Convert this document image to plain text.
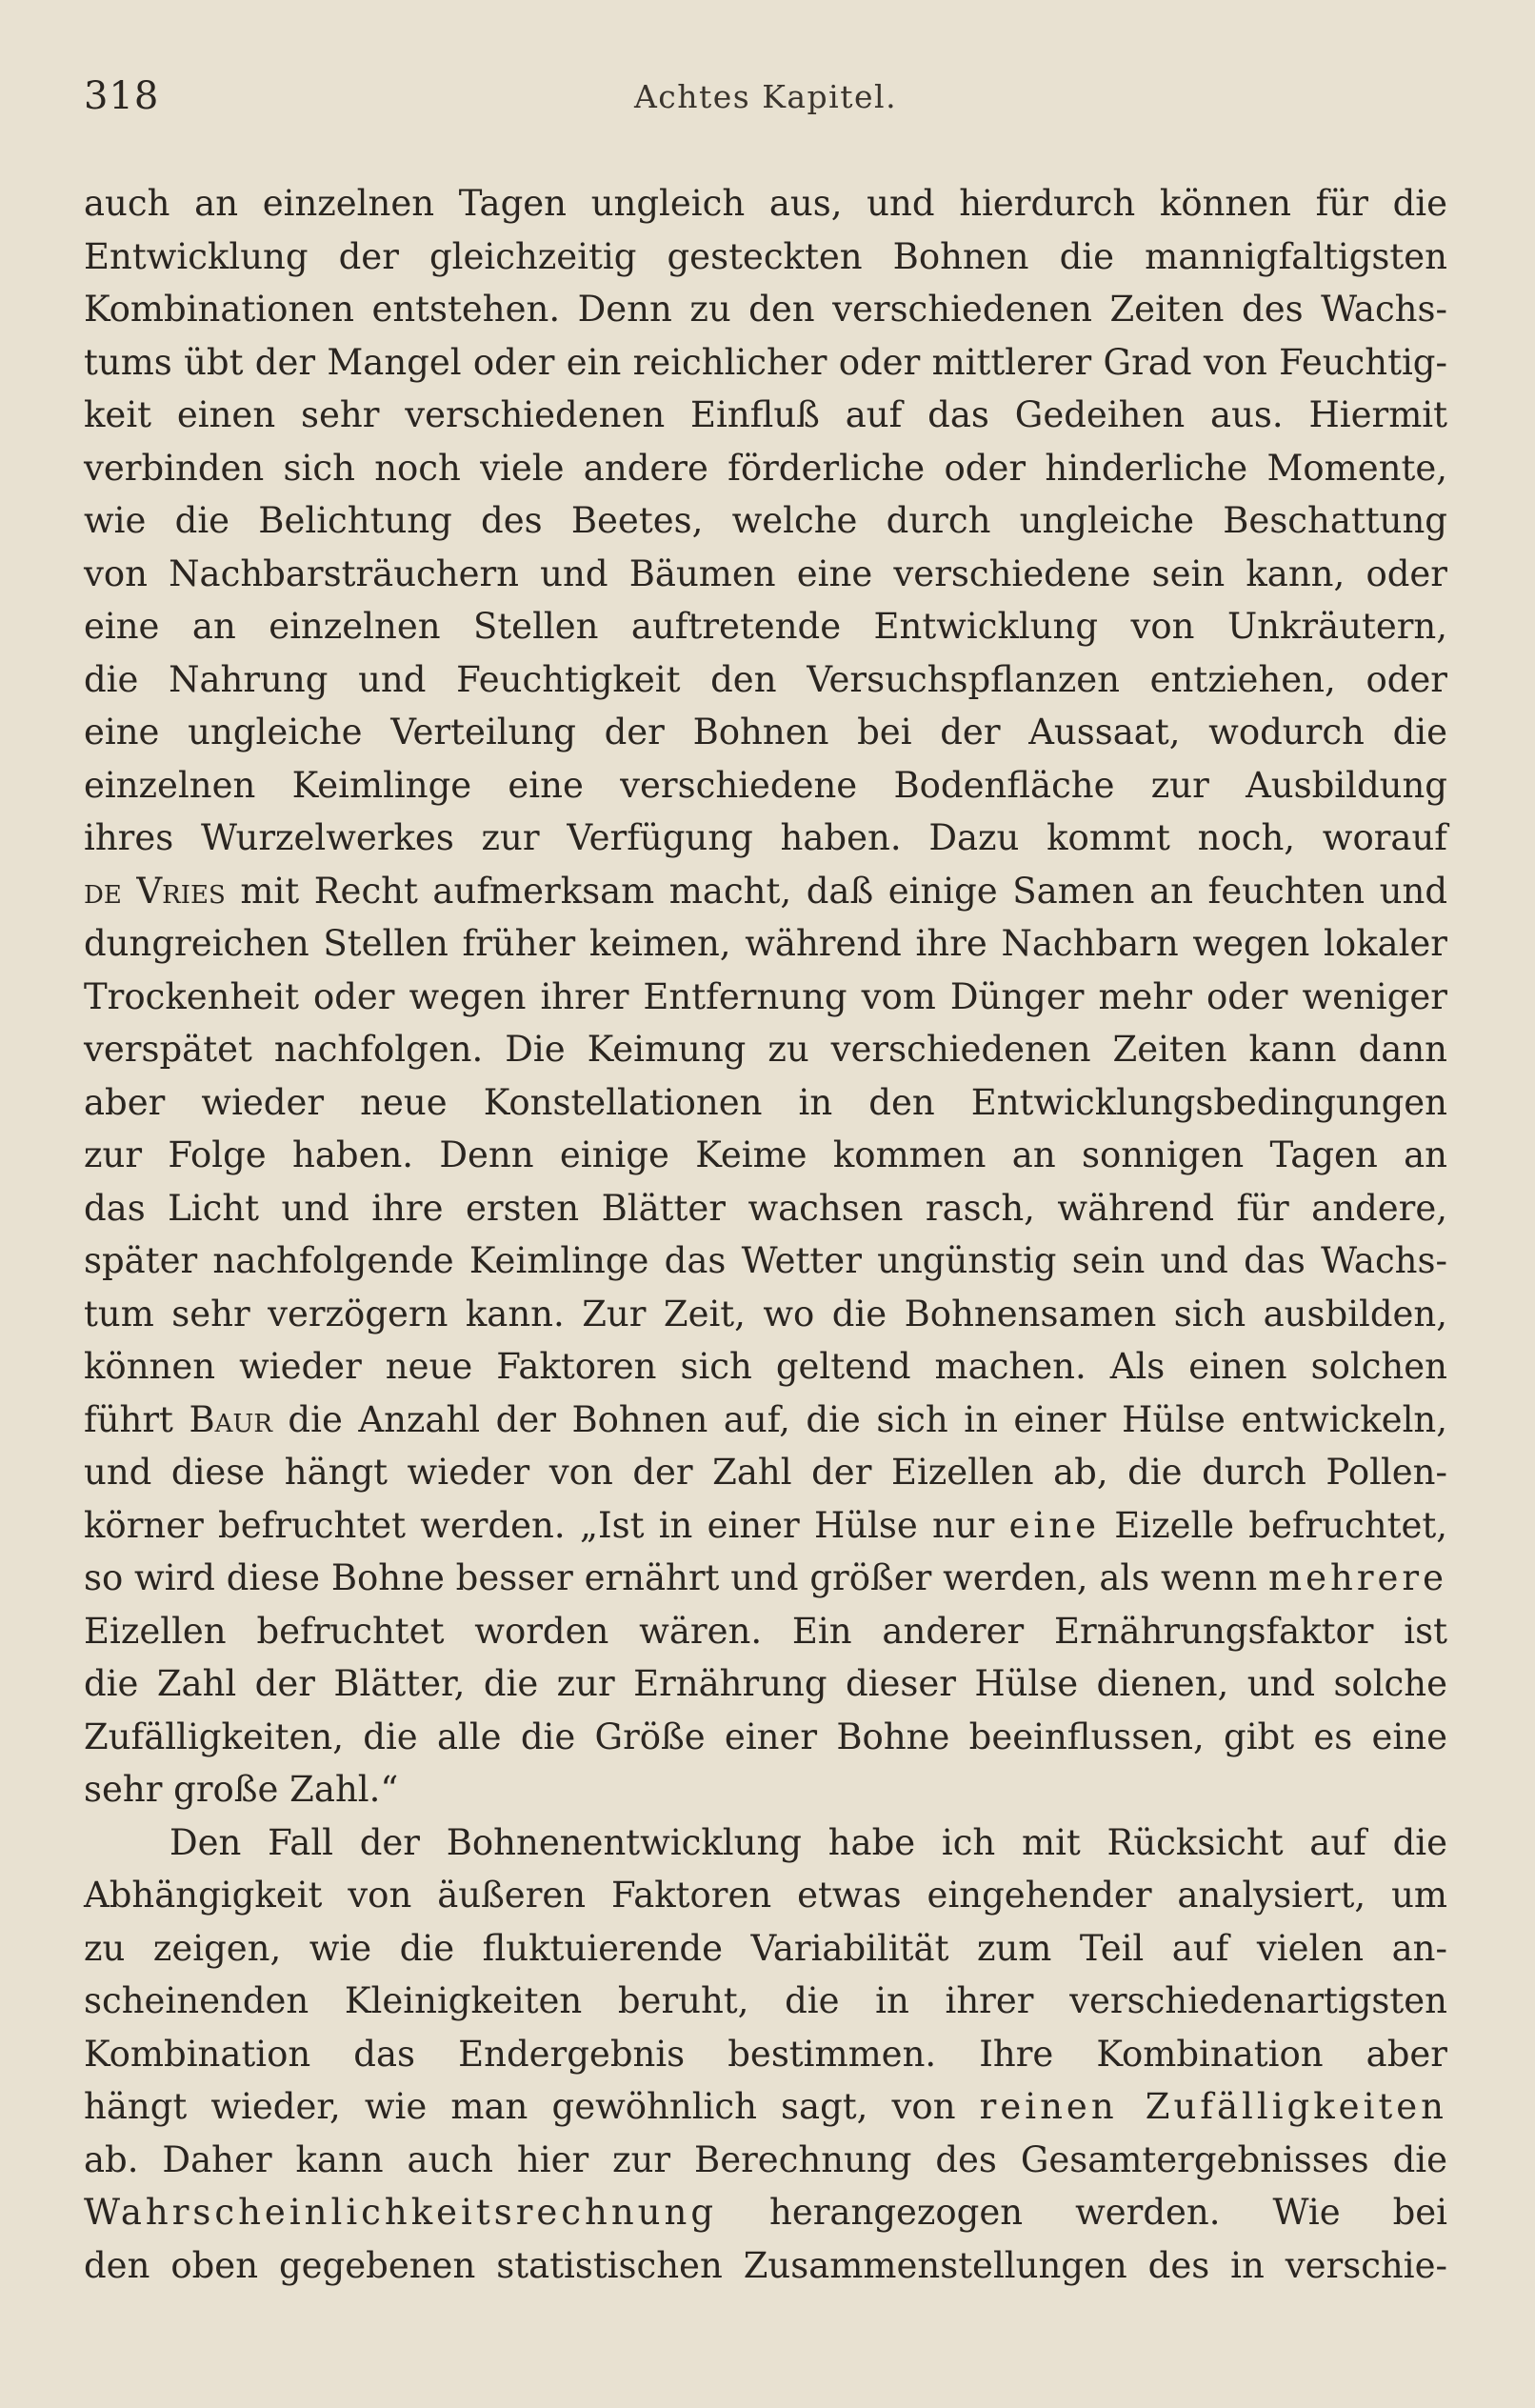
318	Achtes Kapitel.
auch an einzelnen Tagen ungleich aus, und hierdurch können für die
Entwicklung der gleichzeitig gesteckten Bohnen die mannigfaltigsten
Kombinationen entstehen. Denn zu den verschiedenen Zeiten des Wachs-
tums übt der Mangel oder ein reichlicher oder mittlerer Grad von Feuchtig-
keit einen sehr verschiedenen Einfluß auf das Gedeihen aus. Hiermit
verbinden sich noch viele andere förderliche oder hinderliche Momente,
wie die Belichtung des Beetes, welche durch ungleiche Beschattung
von Nachbarsträuchern und Bäumen eine verschiedene sein kann, oder
eine an einzelnen Stellen auftretende Entwicklung von Unkräutern,
die Nahrung und Feuchtigkeit den Versuchspflanzen entziehen, oder
eine ungleiche Verteilung der Bohnen bei der Aussaat, wodurch die
einzelnen Keimlinge eine verschiedene Bodenfläche zur Ausbildung
ihres Wurzelwerkes zur Verfügung haben. Dazu kommt noch, worauf
de Vries mit Recht aufmerksam macht, daß einige Samen an feuchten und
dungreichen Stellen früher keimen, während ihre Nachbarn wegen lokaler
Trockenheit oder wegen ihrer Entfernung vom Dünger mehr oder weniger
verspätet nachfolgen. Die Keimung zu verschiedenen Zeiten kann dann
aber wieder neue Konstellationen in den Entwicklungsbedingungen
zur Folge haben. Denn einige Keime kommen an sonnigen Tagen an
das Licht und ihre ersten Blätter wachsen rasch, während für andere,
später nachfolgende Keimlinge das Wetter ungünstig sein und das Wachs-
tum sehr verzögern kann. Zur Zeit, wo die Bohnensamen sich ausbilden,
können wieder neue Faktoren sich geltend machen. Als einen solchen
führt Baur die Anzahl der Bohnen auf, die sich in einer Hülse entwickeln,
und diese hängt wieder von der Zahl der Eizellen ab, die durch Pollen-
körner befruchtet werden. „Ist in einer Hülse nur eine Eizelle befruchtet,
so wird diese Bohne besser ernährt und größer werden, als wenn mehrere
Eizellen befruchtet worden wären. Ein anderer Ernährungsfaktor ist
die Zahl der Blätter, die zur Ernährung dieser Hülse dienen, und solche
Zufälligkeiten, die alle die Größe einer Bohne beeinflussen, gibt es eine
sehr große Zahl.“
Den Fall der Bohnenentwicklung habe ich mit Rücksicht auf die
Abhängigkeit von äußeren Faktoren etwas eingehender analysiert, um
zu zeigen, wie die fluktuierende Variabilität zum Teil auf vielen an-
scheinenden Kleinigkeiten beruht, die in ihrer verschiedenartigsten
Kombination das Endergebnis bestimmen. Ihre Kombination aber
hängt wieder, wie man gewöhnlich sagt, von reinen Zufälligkeiten
ab. Daher kann auch hier zur Berechnung des Gesamtergebnisses die
Wahrscheinlichkeitsrechnung herangezogen werden. Wie bei
den oben gegebenen statistischen Zusammenstellungen des in verschie-
